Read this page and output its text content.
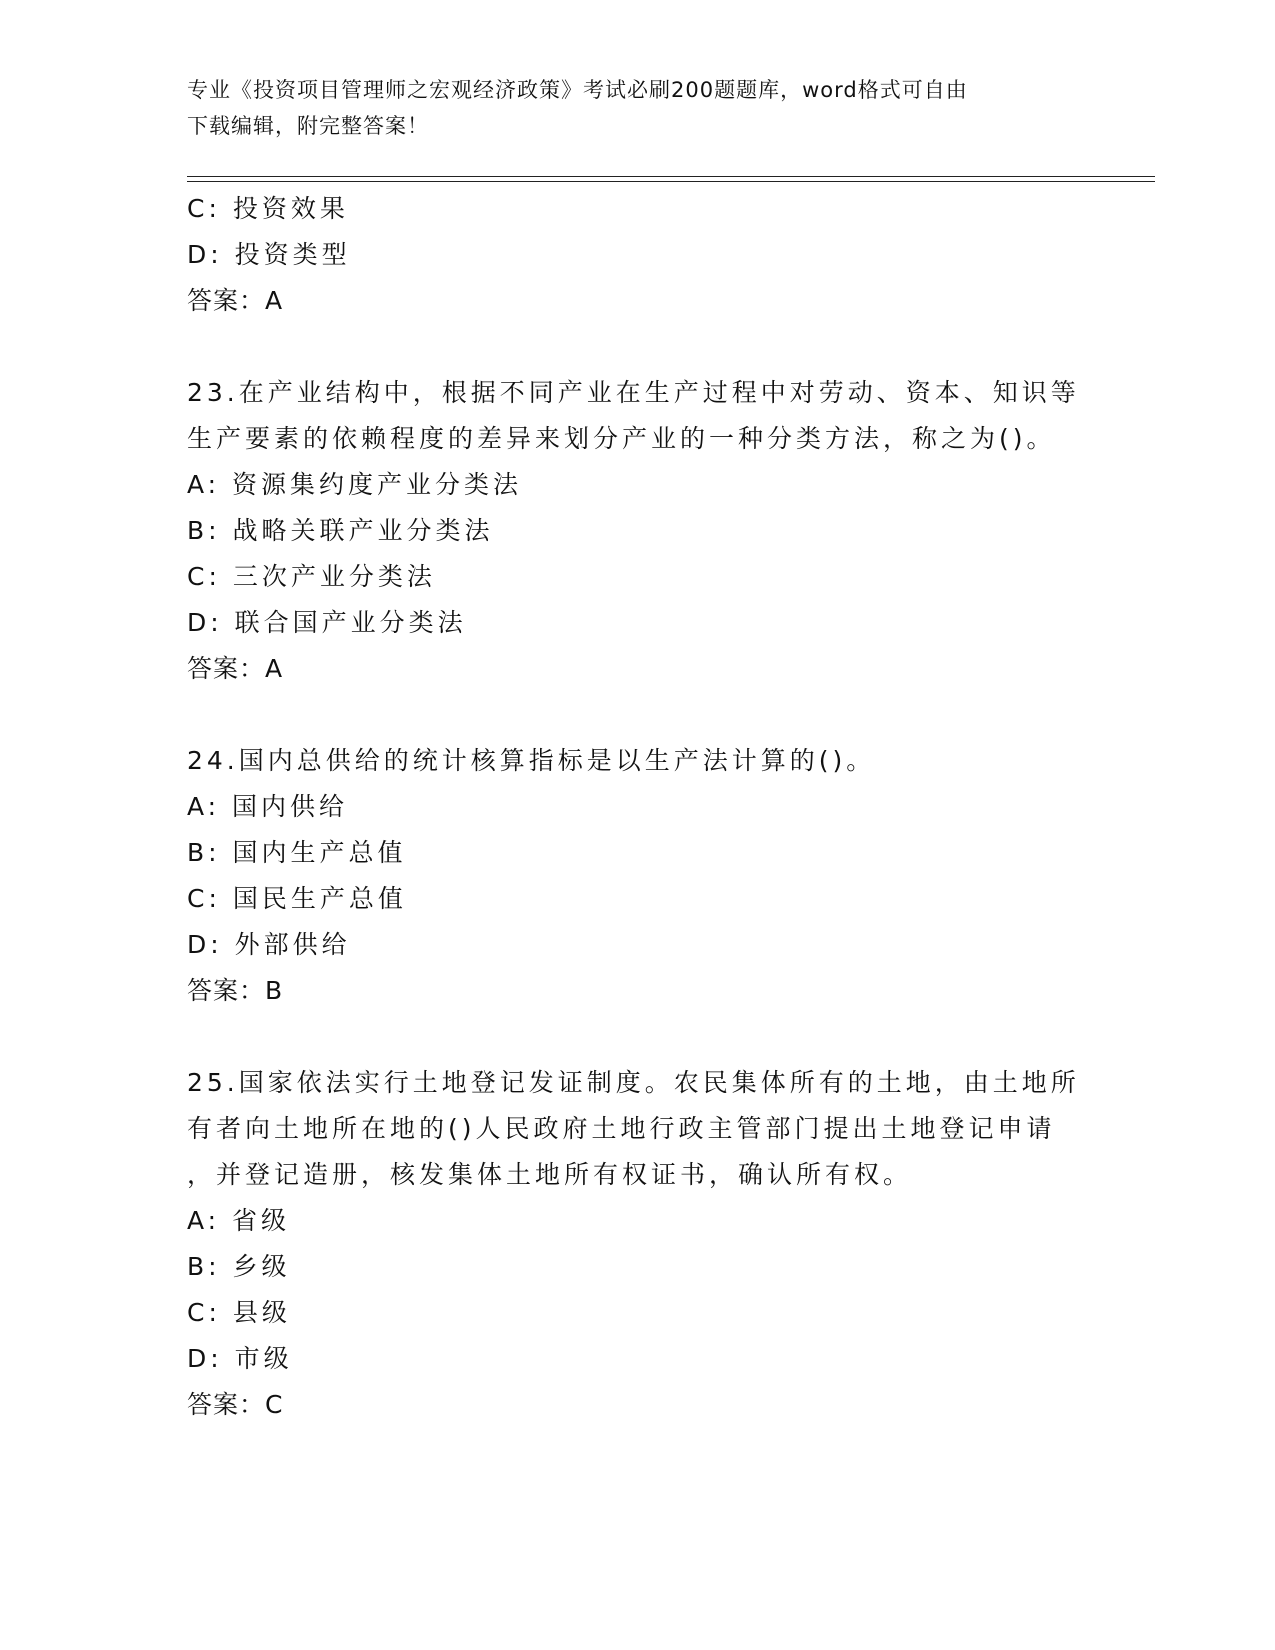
专业《投资项目管理师之宏观经济政策》考试必刷200题题库，word格式可自由
下载编辑，附完整答案！
C: 投资效果
D: 投资类型
答案：A
23.在产业结构中，根据不同产业在生产过程中对劳动、资本、知识等
生产要素的依赖程度的差异来划分产业的一种分类方法，称之为()。
A: 资源集约度产业分类法
B: 战略关联产业分类法
C: 三次产业分类法
D: 联合国产业分类法
答案：A
24.国内总供给的统计核算指标是以生产法计算的()。
A: 国内供给
B: 国内生产总值
C: 国民生产总值
D: 外部供给
答案：B
25.国家依法实行土地登记发证制度。农民集体所有的土地，由土地所
有者向土地所在地的()人民政府土地行政主管部门提出土地登记申请
，并登记造册，核发集体土地所有权证书，确认所有权。
A: 省级
B: 乡级
C: 县级
D: 市级
答案：C
